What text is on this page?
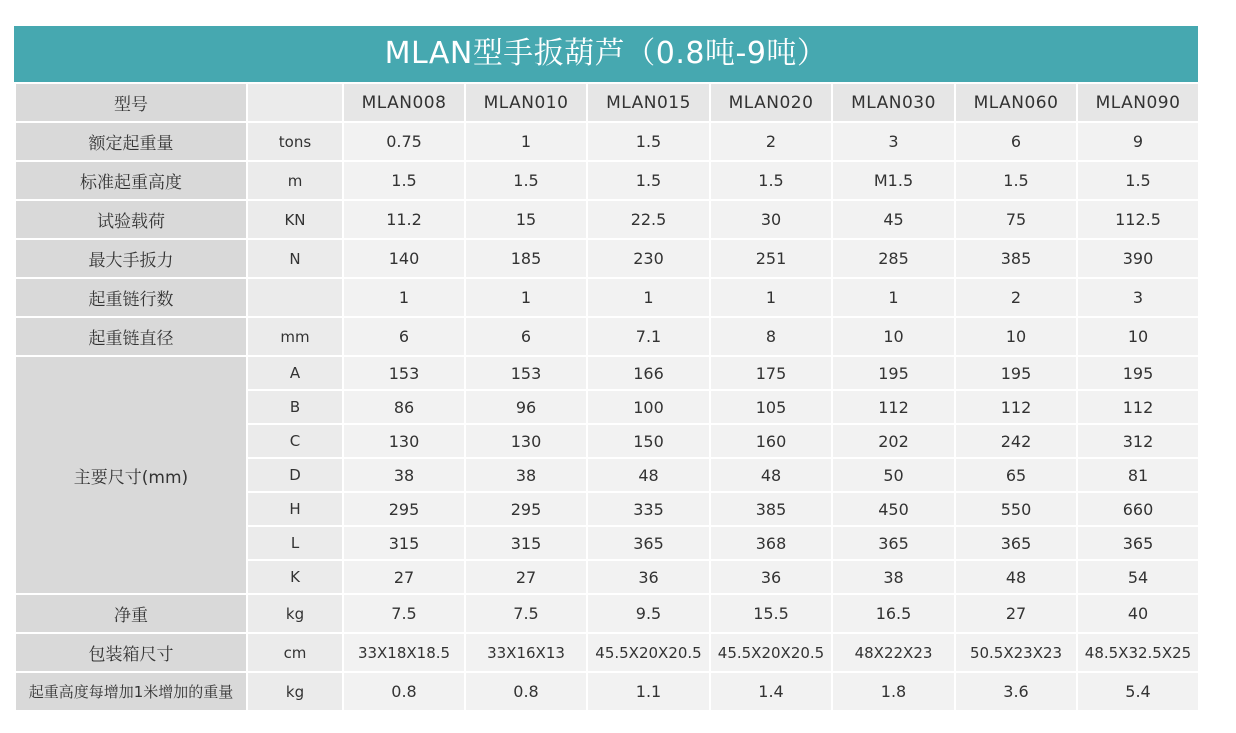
MLAN型手扳葫芦（0.8吨-9吨）
型号		MLAN008	MLAN010	MLAN015	MLAN020	MLAN030	MLAN060	MLAN090
额定起重量	tons	0.75	1	1.5	2	3	6	9
标准起重高度	m	1.5	1.5	1.5	1.5	M1.5	1.5	1.5
试验载荷	KN	11.2	15	22.5	30	45	75	112.5
最大手扳力	N	140	185	230	251	285	385	390
起重链行数		1	1	1	1	1	2	3
起重链直径	mm	6	6	7.1	8	10	10	10
主要尺寸(mm)	A	153	153	166	175	195	195	195
	B	86	96	100	105	112	112	112
	C	130	130	150	160	202	242	312
	D	38	38	48	48	50	65	81
	H	295	295	335	385	450	550	660
	L	315	315	365	368	365	365	365
	K	27	27	36	36	38	48	54
净重	kg	7.5	7.5	9.5	15.5	16.5	27	40
包装箱尺寸	cm	33X18X18.5	33X16X13	45.5X20X20.5	45.5X20X20.5	48X22X23	50.5X23X23	48.5X32.5X25
起重高度每增加1米增加的重量	kg	0.8	0.8	1.1	1.4	1.8	3.6	5.4
